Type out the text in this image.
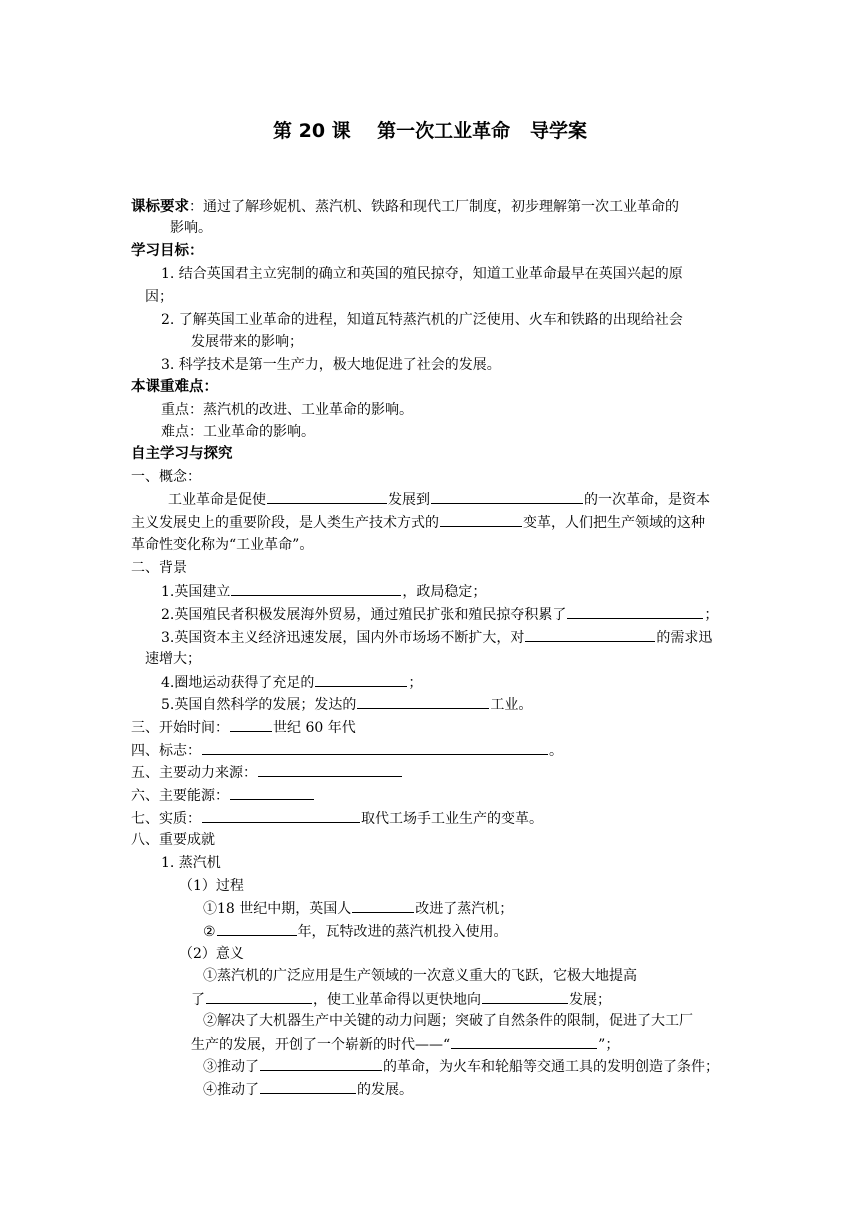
第 20 课    第一次工业革命   导学案
课标要求：通过了解珍妮机、蒸汽机、铁路和现代工厂制度，初步理解第一次工业革命的
影响。
学习目标：
1. 结合英国君主立宪制的确立和英国的殖民掠夺，知道工业革命最早在英国兴起的原
因；
2. 了解英国工业革命的进程，知道瓦特蒸汽机的广泛使用、火车和铁路的出现给社会
发展带来的影响；
3. 科学技术是第一生产力，极大地促进了社会的发展。
本课重难点：
重点：蒸汽机的改进、工业革命的影响。
难点：工业革命的影响。
自主学习与探究
一、概念：
工业革命是促使	发展到	的一次革命，是资本
主义发展史上的重要阶段，是人类生产技术方式的	变革，人们把生产领域的这种
革命性变化称为“工业革命”。
二、背景
1.英国建立	，政局稳定；
2.英国殖民者积极发展海外贸易，通过殖民扩张和殖民掠夺积累了	；
3.英国资本主义经济迅速发展，国内外市场场不断扩大，对	的需求迅
速增大；
4.圈地运动获得了充足的	；
5.英国自然科学的发展；发达的	工业。
三、开始时间：	世纪 60 年代
四、标志：	。
五、主要动力来源：
六、主要能源：
七、实质：	取代工场手工业生产的变革。
八、重要成就
1. 蒸汽机
（1）过程
①18 世纪中期，英国人	改进了蒸汽机；
②	年，瓦特改进的蒸汽机投入使用。
（2）意义
①蒸汽机的广泛应用是生产领域的一次意义重大的飞跃，它极大地提高
了	，使工业革命得以更快地向	发展；
②解决了大机器生产中关键的动力问题；突破了自然条件的限制，促进了大工厂
生产的发展，开创了一个崭新的时代——“	”；
③推动了	的革命，为火车和轮船等交通工具的发明创造了条件；
④推动了	的发展。
